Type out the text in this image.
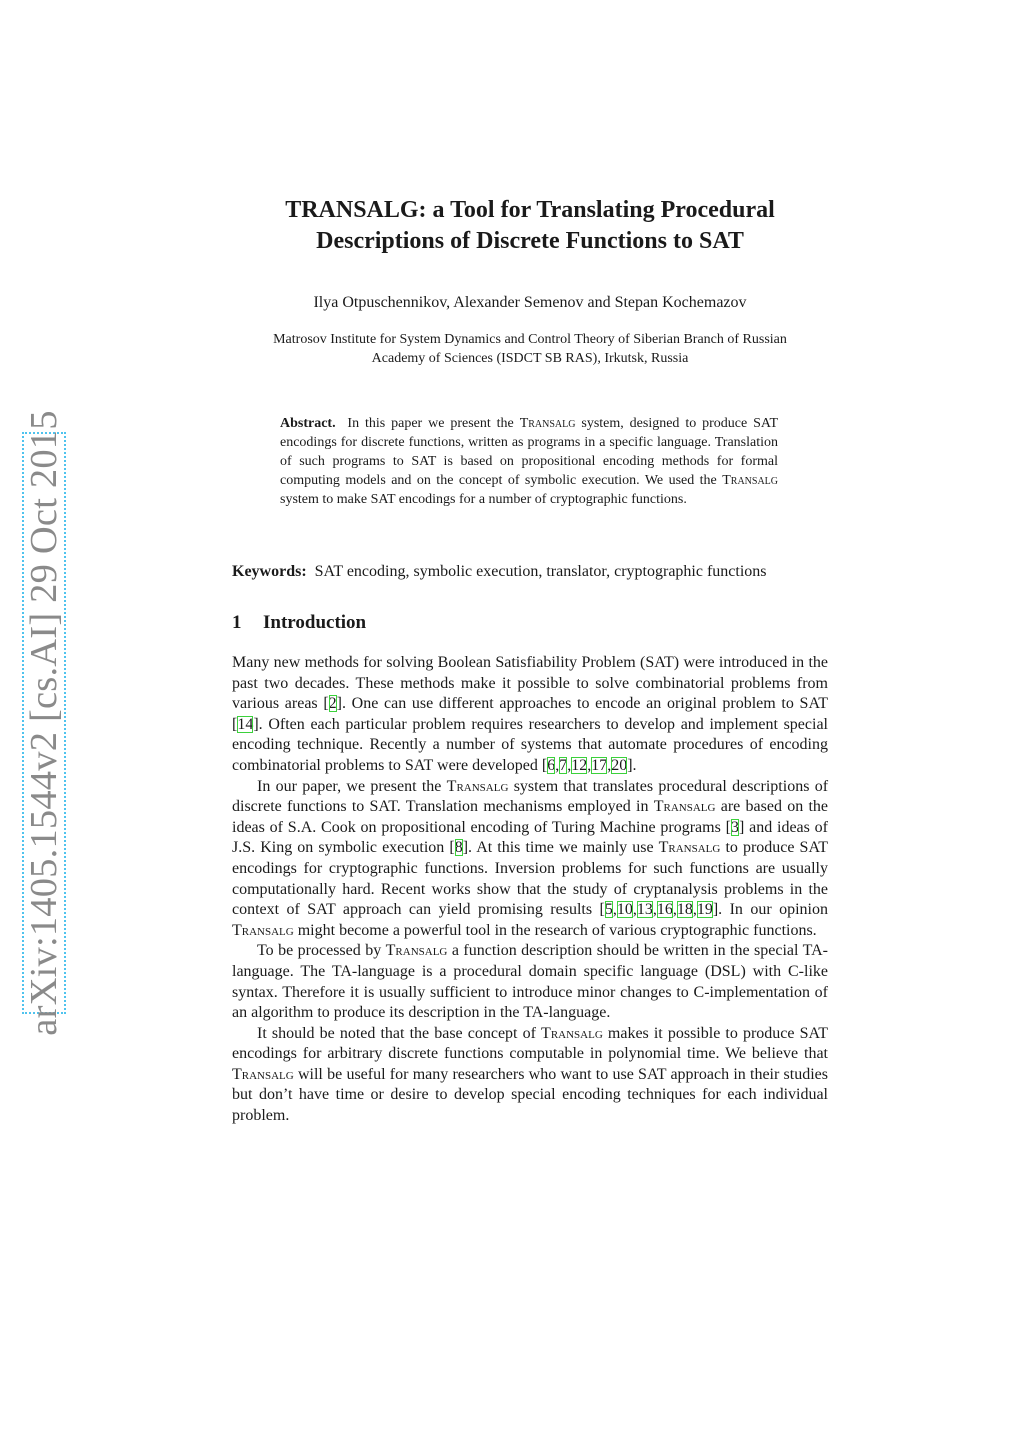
arXiv:1405.1544v2 [cs.AI] 29 Oct 2015
TRANSALG: a Tool for Translating Procedural
Descriptions of Discrete Functions to SAT
Ilya Otpuschennikov, Alexander Semenov and Stepan Kochemazov
Matrosov Institute for System Dynamics and Control Theory of Siberian Branch of Russian
Academy of Sciences (ISDCT SB RAS), Irkutsk, Russia
Abstract. In this paper we present the Transalg system, designed to produce SAT encodings for discrete functions, written as programs in a specific language. Translation of such programs to SAT is based on propositional encoding methods for formal computing models and on the concept of symbolic execution. We used the Transalg system to make SAT encodings for a number of cryptographic functions.
Keywords: SAT encoding, symbolic execution, translator, cryptographic functions
1 Introduction

Many new methods for solving Boolean Satisfiability Problem (SAT) were introduced in the past two decades. These methods make it possible to solve combinatorial problems from various areas [2]. One can use different approaches to encode an original problem to SAT [14]. Often each particular problem requires researchers to develop and implement special encoding technique. Recently a number of systems that automate procedures of encoding combinatorial problems to SAT were developed [6,7,12,17,20].

In our paper, we present the Transalg system that translates procedural descriptions of discrete functions to SAT. Translation mechanisms employed in Transalg are based on the ideas of S.A. Cook on propositional encoding of Turing Machine programs [3] and ideas of J.S. King on symbolic execution [8]. At this time we mainly use Transalg to produce SAT encodings for cryptographic functions. Inversion problems for such functions are usually computationally hard. Recent works show that the study of cryptanalysis problems in the context of SAT approach can yield promising results [5,10,13,16,18,19]. In our opinion Transalg might become a powerful tool in the research of various cryptographic functions.

To be processed by Transalg a function description should be written in the special TA-language. The TA-language is a procedural domain specific language (DSL) with C-like syntax. Therefore it is usually sufficient to introduce minor changes to C-implementation of an algorithm to produce its description in the TA-language.

It should be noted that the base concept of Transalg makes it possible to produce SAT encodings for arbitrary discrete functions computable in polynomial time. We believe that Transalg will be useful for many researchers who want to use SAT approach in their studies but don’t have time or desire to develop special encoding techniques for each individual problem.
